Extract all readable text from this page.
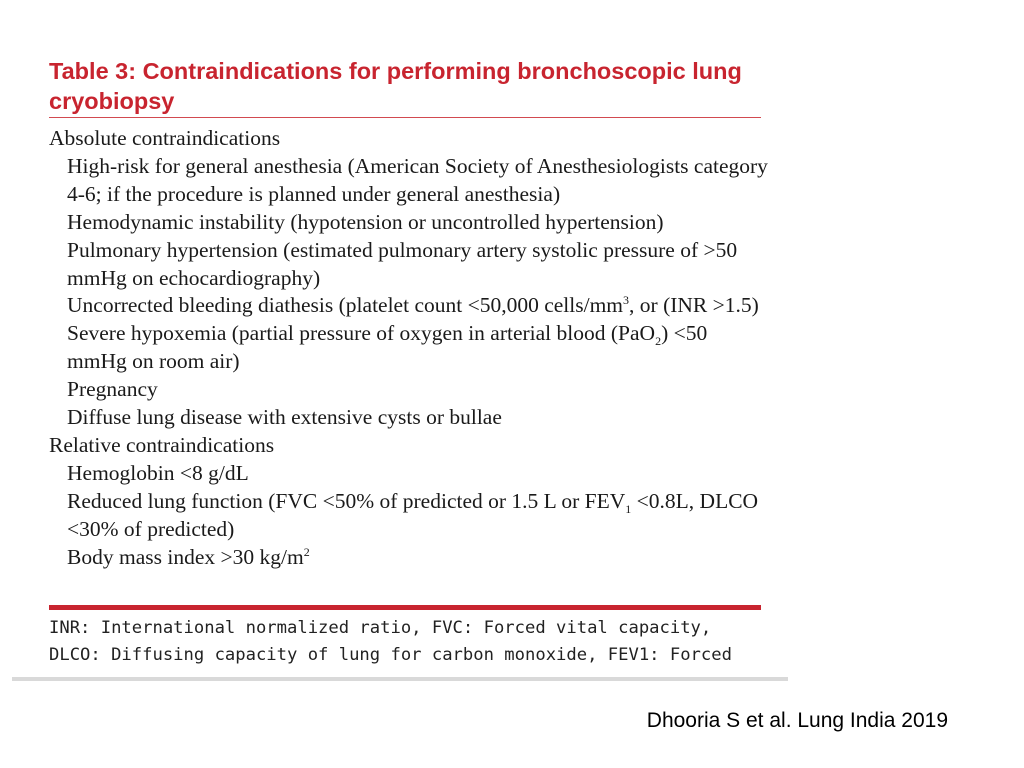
Table 3: Contraindications for performing bronchoscopic lung cryobiopsy
Absolute contraindications
High-risk for general anesthesia (American Society of Anesthesiologists category 4-6; if the procedure is planned under general anesthesia)
Hemodynamic instability (hypotension or uncontrolled hypertension)
Pulmonary hypertension (estimated pulmonary artery systolic pressure of >50 mmHg on echocardiography)
Uncorrected bleeding diathesis (platelet count <50,000 cells/$mm^3$, or (INR >1.5)
Severe hypoxemia (partial pressure of oxygen in arterial blood (PaO$_2$) <50 mmHg on room air)
Pregnancy
Diffuse lung disease with extensive cysts or bullae
Relative contraindications
Hemoglobin <8 g/dL
Reduced lung function (FVC <50% of predicted or 1.5 L or $FEV_1 <0.8L$, DLCO <30% of predicted)
Body mass index >30 $kg/m^2$
INR: International normalized ratio, FVC: Forced vital capacity,
DLCO: Diffusing capacity of lung for carbon monoxide, FEV1: Forced
Dhooria S et al. Lung India 2019
